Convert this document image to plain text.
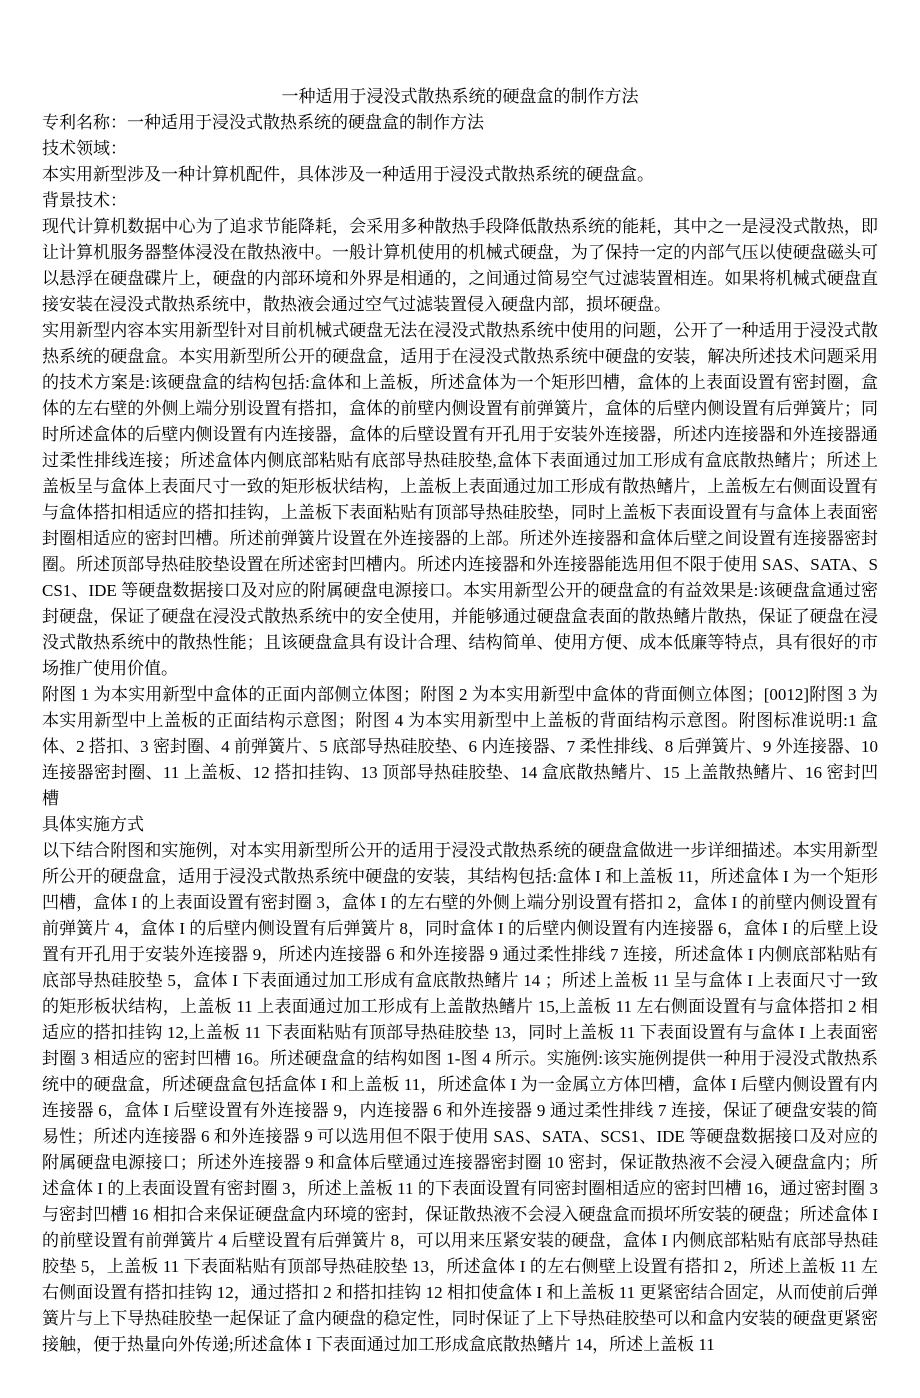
一种适用于浸没式散热系统的硬盘盒的制作方法

专利名称：一种适用于浸没式散热系统的硬盘盒的制作方法

技术领域：

本实用新型涉及一种计算机配件，具体涉及一种适用于浸没式散热系统的硬盘盒。

背景技术：

现代计算机数据中心为了追求节能降耗，会采用多种散热手段降低散热系统的能耗，其中之一是浸没式散热，即让计算机服务器整体浸没在散热液中。一般计算机使用的机械式硬盘，为了保持一定的内部气压以使硬盘磁头可以悬浮在硬盘碟片上，硬盘的内部环境和外界是相通的，之间通过简易空气过滤装置相连。如果将机械式硬盘直接安装在浸没式散热系统中，散热液会通过空气过滤装置侵入硬盘内部，损坏硬盘。

实用新型内容本实用新型针对目前机械式硬盘无法在浸没式散热系统中使用的问题，公开了一种适用于浸没式散热系统的硬盘盒。本实用新型所公开的硬盘盒，适用于在浸没式散热系统中硬盘的安装，解决所述技术问题采用的技术方案是:该硬盘盒的结构包括:盒体和上盖板，所述盒体为一个矩形凹槽，盒体的上表面设置有密封圈，盒体的左右壁的外侧上端分别设置有搭扣，盒体的前壁内侧设置有前弹簧片，盒体的后壁内侧设置有后弹簧片；同时所述盒体的后壁内侧设置有内连接器，盒体的后壁设置有开孔用于安装外连接器，所述内连接器和外连接器通过柔性排线连接；所述盒体内侧底部粘贴有底部导热硅胶垫,盒体下表面通过加工形成有盒底散热鳍片；所述上盖板呈与盒体上表面尺寸一致的矩形板状结构，上盖板上表面通过加工形成有散热鳍片，上盖板左右侧面设置有与盒体搭扣相适应的搭扣挂钩，上盖板下表面粘贴有顶部导热硅胶垫，同时上盖板下表面设置有与盒体上表面密封圈相适应的密封凹槽。所述前弹簧片设置在外连接器的上部。所述外连接器和盒体后壁之间设置有连接器密封圈。所述顶部导热硅胶垫设置在所述密封凹槽内。所述内连接器和外连接器能选用但不限于使用 SAS、SATA、SCS1、IDE 等硬盘数据接口及对应的附属硬盘电源接口。本实用新型公开的硬盘盒的有益效果是:该硬盘盒通过密封硬盘，保证了硬盘在浸没式散热系统中的安全使用，并能够通过硬盘盒表面的散热鳍片散热，保证了硬盘在浸没式散热系统中的散热性能；且该硬盘盒具有设计合理、结构简单、使用方便、成本低廉等特点，具有很好的市场推广使用价值。

附图 1 为本实用新型中盒体的正面内部侧立体图；附图 2 为本实用新型中盒体的背面侧立体图；[0012]附图 3 为本实用新型中上盖板的正面结构示意图；附图 4 为本实用新型中上盖板的背面结构示意图。附图标准说明:1 盒体、2 搭扣、3 密封圈、4 前弹簧片、5 底部导热硅胶垫、6 内连接器、7 柔性排线、8 后弹簧片、9 外连接器、10 连接器密封圈、11 上盖板、12 搭扣挂钩、13 顶部导热硅胶垫、14 盒底散热鳍片、15 上盖散热鳍片、16 密封凹槽

具体实施方式

以下结合附图和实施例，对本实用新型所公开的适用于浸没式散热系统的硬盘盒做进一步详细描述。本实用新型所公开的硬盘盒，适用于浸没式散热系统中硬盘的安装，其结构包括:盒体 I 和上盖板 11，所述盒体 I 为一个矩形凹槽，盒体 I 的上表面设置有密封圈 3，盒体 I 的左右壁的外侧上端分别设置有搭扣 2，盒体 I 的前壁内侧设置有前弹簧片 4，盒体 I 的后壁内侧设置有后弹簧片 8，同时盒体 I 的后壁内侧设置有内连接器 6，盒体 I 的后壁上设置有开孔用于安装外连接器 9，所述内连接器 6 和外连接器 9 通过柔性排线 7 连接，所述盒体 I 内侧底部粘贴有底部导热硅胶垫 5，盒体 I 下表面通过加工形成有盒底散热鳍片 14 ；所述上盖板 11 呈与盒体 I 上表面尺寸一致的矩形板状结构，上盖板 11 上表面通过加工形成有上盖散热鳍片 15,上盖板 11 左右侧面设置有与盒体搭扣 2 相适应的搭扣挂钩 12,上盖板 11 下表面粘贴有顶部导热硅胶垫 13，同时上盖板 11 下表面设置有与盒体 I 上表面密封圈 3 相适应的密封凹槽 16。所述硬盘盒的结构如图 1-图 4 所示。实施例:该实施例提供一种用于浸没式散热系统中的硬盘盒，所述硬盘盒包括盒体 I 和上盖板 11，所述盒体 I 为一金属立方体凹槽，盒体 I 后壁内侧设置有内连接器 6，盒体 I 后壁设置有外连接器 9，内连接器 6 和外连接器 9 通过柔性排线 7 连接，保证了硬盘安装的简易性；所述内连接器 6 和外连接器 9 可以选用但不限于使用 SAS、SATA、SCS1、IDE 等硬盘数据接口及对应的附属硬盘电源接口；所述外连接器 9 和盒体后壁通过连接器密封圈 10 密封，保证散热液不会浸入硬盘盒内；所述盒体 I 的上表面设置有密封圈 3，所述上盖板 11 的下表面设置有同密封圈相适应的密封凹槽 16，通过密封圈 3 与密封凹槽 16 相扣合来保证硬盘盒内环境的密封，保证散热液不会浸入硬盘盒而损坏所安装的硬盘；所述盒体 I 的前壁设置有前弹簧片 4 后壁设置有后弹簧片 8，可以用来压紧安装的硬盘，盒体 I 内侧底部粘贴有底部导热硅胶垫 5，上盖板 11 下表面粘贴有顶部导热硅胶垫 13，所述盒体 I 的左右侧壁上设置有搭扣 2，所述上盖板 11 左右侧面设置有搭扣挂钩 12，通过搭扣 2 和搭扣挂钩 12 相扣使盒体 I 和上盖板 11 更紧密结合固定，从而使前后弹簧片与上下导热硅胶垫一起保证了盒内硬盘的稳定性，同时保证了上下导热硅胶垫可以和盒内安装的硬盘更紧密接触，便于热量向外传递;所述盒体 I 下表面通过加工形成盒底散热鳍片 14，所述上盖板 11
